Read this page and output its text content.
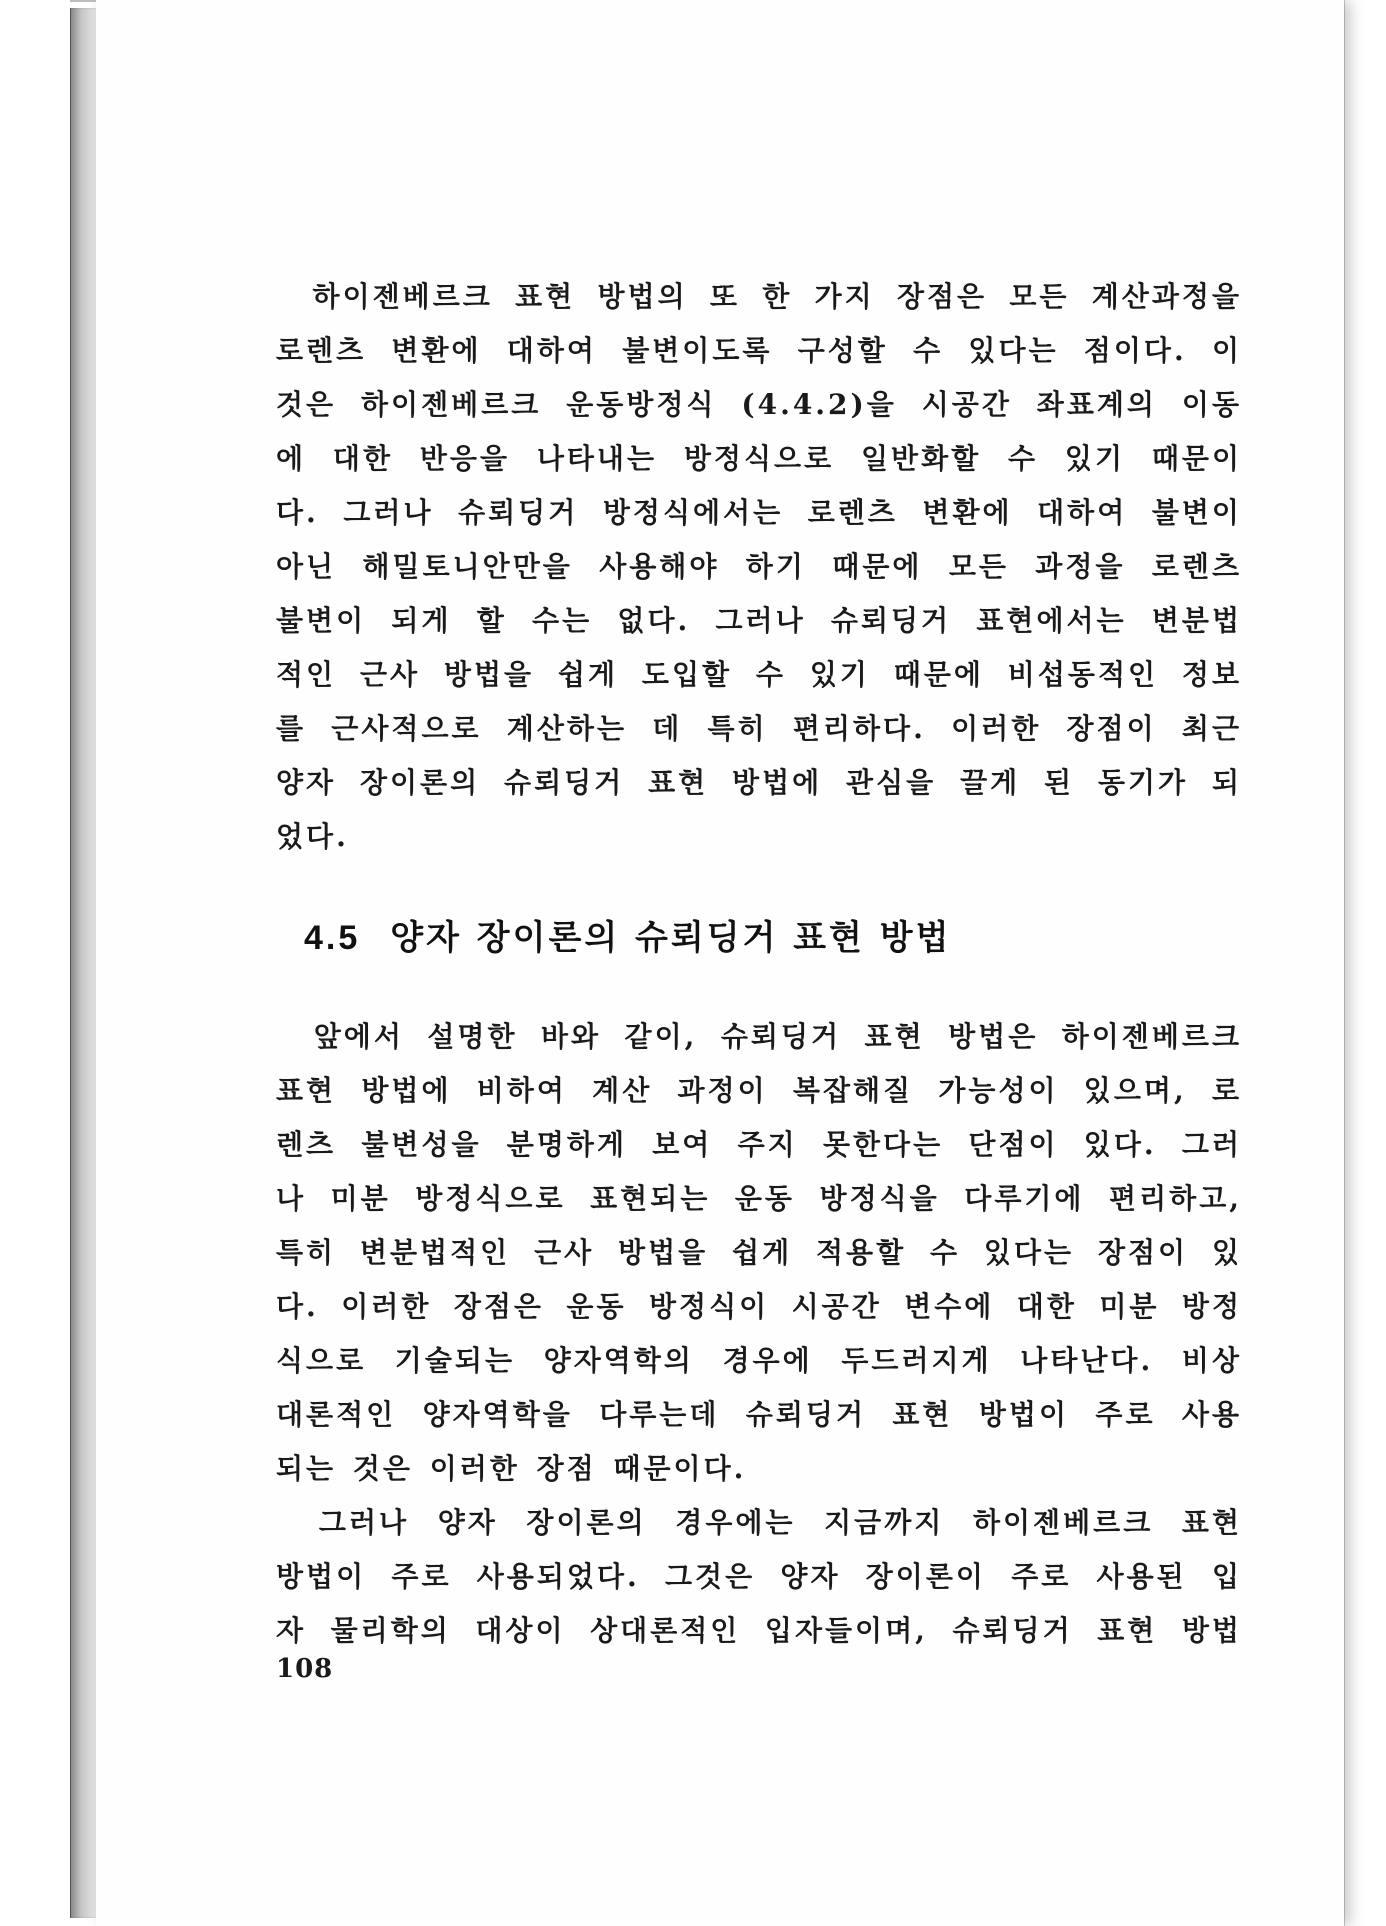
　하이젠베르크 표현 방법의 또 한 가지 장점은 모든 계산과정을
로렌츠 변환에 대하여 불변이도록 구성할 수 있다는 점이다. 이
것은 하이젠베르크 운동방정식 (4.4.2)을 시공간 좌표계의 이동
에 대한 반응을 나타내는 방정식으로 일반화할 수 있기 때문이
다. 그러나 슈뢰딩거 방정식에서는 로렌츠 변환에 대하여 불변이
아닌 해밀토니안만을 사용해야 하기 때문에 모든 과정을 로렌츠
불변이 되게 할 수는 없다. 그러나 슈뢰딩거 표현에서는 변분법
적인 근사 방법을 쉽게 도입할 수 있기 때문에 비섭동적인 정보
를 근사적으로 계산하는 데 특히 편리하다. 이러한 장점이 최근
양자 장이론의 슈뢰딩거 표현 방법에 관심을 끌게 된 동기가 되
었다.

4.5 양자 장이론의 슈뢰딩거 표현 방법

　앞에서 설명한 바와 같이, 슈뢰딩거 표현 방법은 하이젠베르크
표현 방법에 비하여 계산 과정이 복잡해질 가능성이 있으며, 로
렌츠 불변성을 분명하게 보여 주지 못한다는 단점이 있다. 그러
나 미분 방정식으로 표현되는 운동 방정식을 다루기에 편리하고,
특히 변분법적인 근사 방법을 쉽게 적용할 수 있다는 장점이 있
다. 이러한 장점은 운동 방정식이 시공간 변수에 대한 미분 방정
식으로 기술되는 양자역학의 경우에 두드러지게 나타난다. 비상
대론적인 양자역학을 다루는데 슈뢰딩거 표현 방법이 주로 사용
되는 것은 이러한 장점 때문이다.

　그러나 양자 장이론의 경우에는 지금까지 하이젠베르크 표현
방법이 주로 사용되었다. 그것은 양자 장이론이 주로 사용된 입
자 물리학의 대상이 상대론적인 입자들이며, 슈뢰딩거 표현 방법

108
